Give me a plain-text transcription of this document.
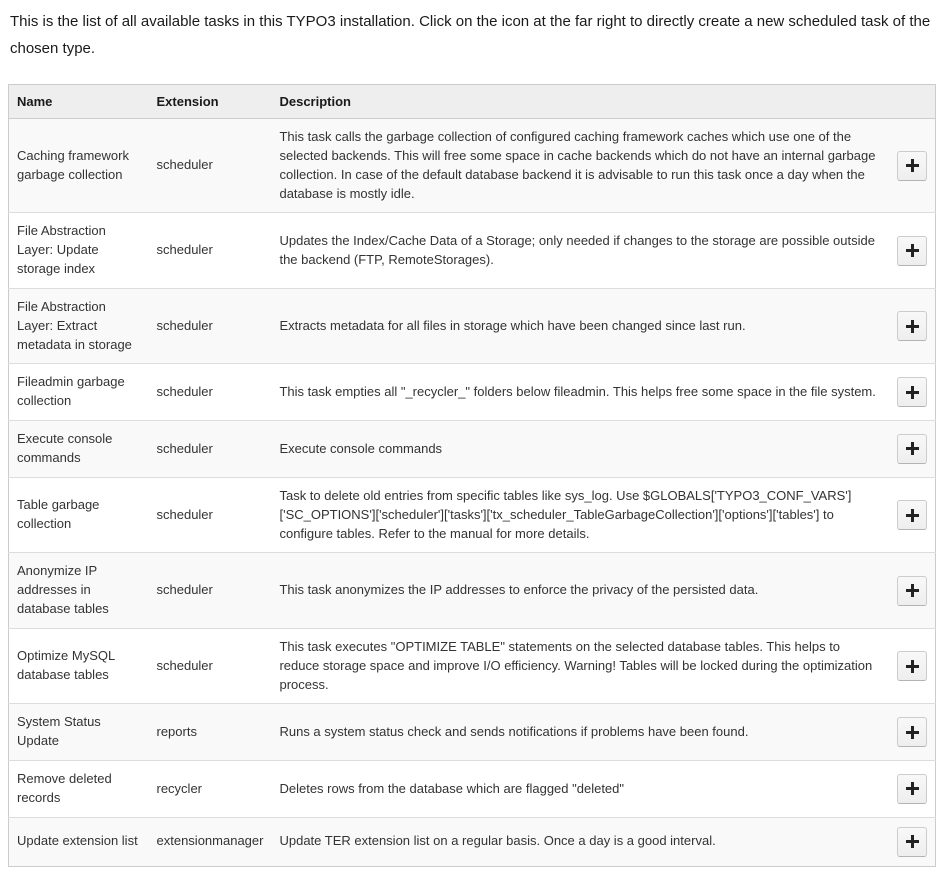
This is the list of all available tasks in this TYPO3 installation. Click on the icon at the far right to directly create a new scheduled task of the chosen type.

Name	Extension	Description	
Caching framework garbage collection	scheduler	This task calls the garbage collection of configured caching framework caches which use one of the selected backends. This will free some space in cache backends which do not have an internal garbage collection. In case of the default database backend it is advisable to run this task once a day when the database is mostly idle.	

File Abstraction Layer: Update storage index	scheduler	Updates the Index/Cache Data of a Storage; only needed if changes to the storage are possible outside the backend (FTP, RemoteStorages).	

File Abstraction Layer: Extract metadata in storage	scheduler	Extracts metadata for all files in storage which have been changed since last run.	

Fileadmin garbage collection	scheduler	This task empties all "_recycler_" folders below fileadmin. This helps free some space in the file system.	

Execute console commands	scheduler	Execute console commands	

Table garbage collection	scheduler	Task to delete old entries from specific tables like sys_log. Use $GLOBALS['TYPO3_CONF_VARS']['SC_OPTIONS']['scheduler']['tasks']['tx_scheduler_TableGarbageCollection']['options']['tables'] to configure tables. Refer to the manual for more details.	

Anonymize IP addresses in database tables	scheduler	This task anonymizes the IP addresses to enforce the privacy of the persisted data.	

Optimize MySQL database tables	scheduler	This task executes "OPTIMIZE TABLE" statements on the selected database tables. This helps to reduce storage space and improve I/O efficiency. Warning! Tables will be locked during the optimization process.	

System Status Update	reports	Runs a system status check and sends notifications if problems have been found.	

Remove deleted records	recycler	Deletes rows from the database which are flagged "deleted"	

Update extension list	extensionmanager	Update TER extension list on a regular basis. Once a day is a good interval.	
